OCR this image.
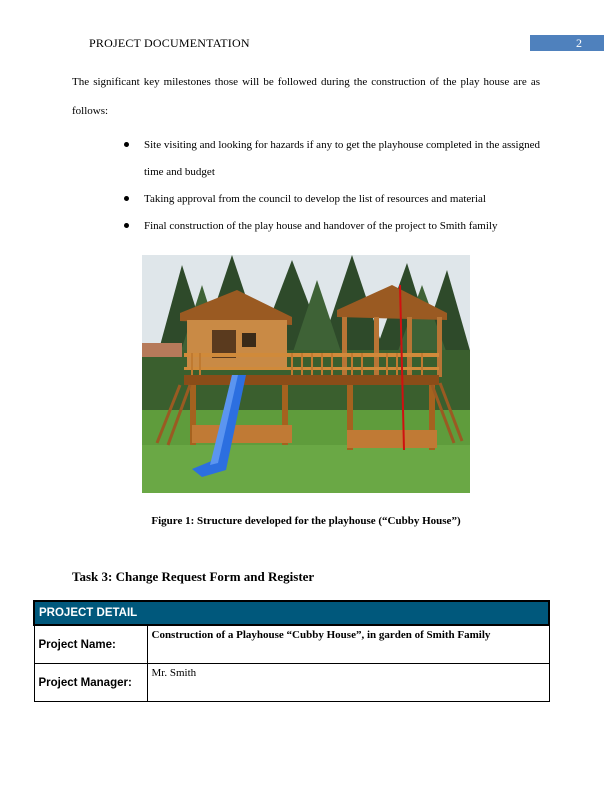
PROJECT DOCUMENTATION	2

The significant key milestones those will be followed during the construction of the play house are as follows:

Site visiting and looking for hazards if any to get the playhouse completed in the assigned time and budget
Taking approval from the council to develop the list of resources and material
Final construction of the play house and handover of the project to Smith family
Figure 1: Structure developed for the playhouse (“Cubby House”)
Task 3: Change Request Form and Register
PROJECT DETAIL	
Project Name:	Construction of a Playhouse “Cubby House”, in garden of Smith Family
Project Manager:	Mr. Smith
